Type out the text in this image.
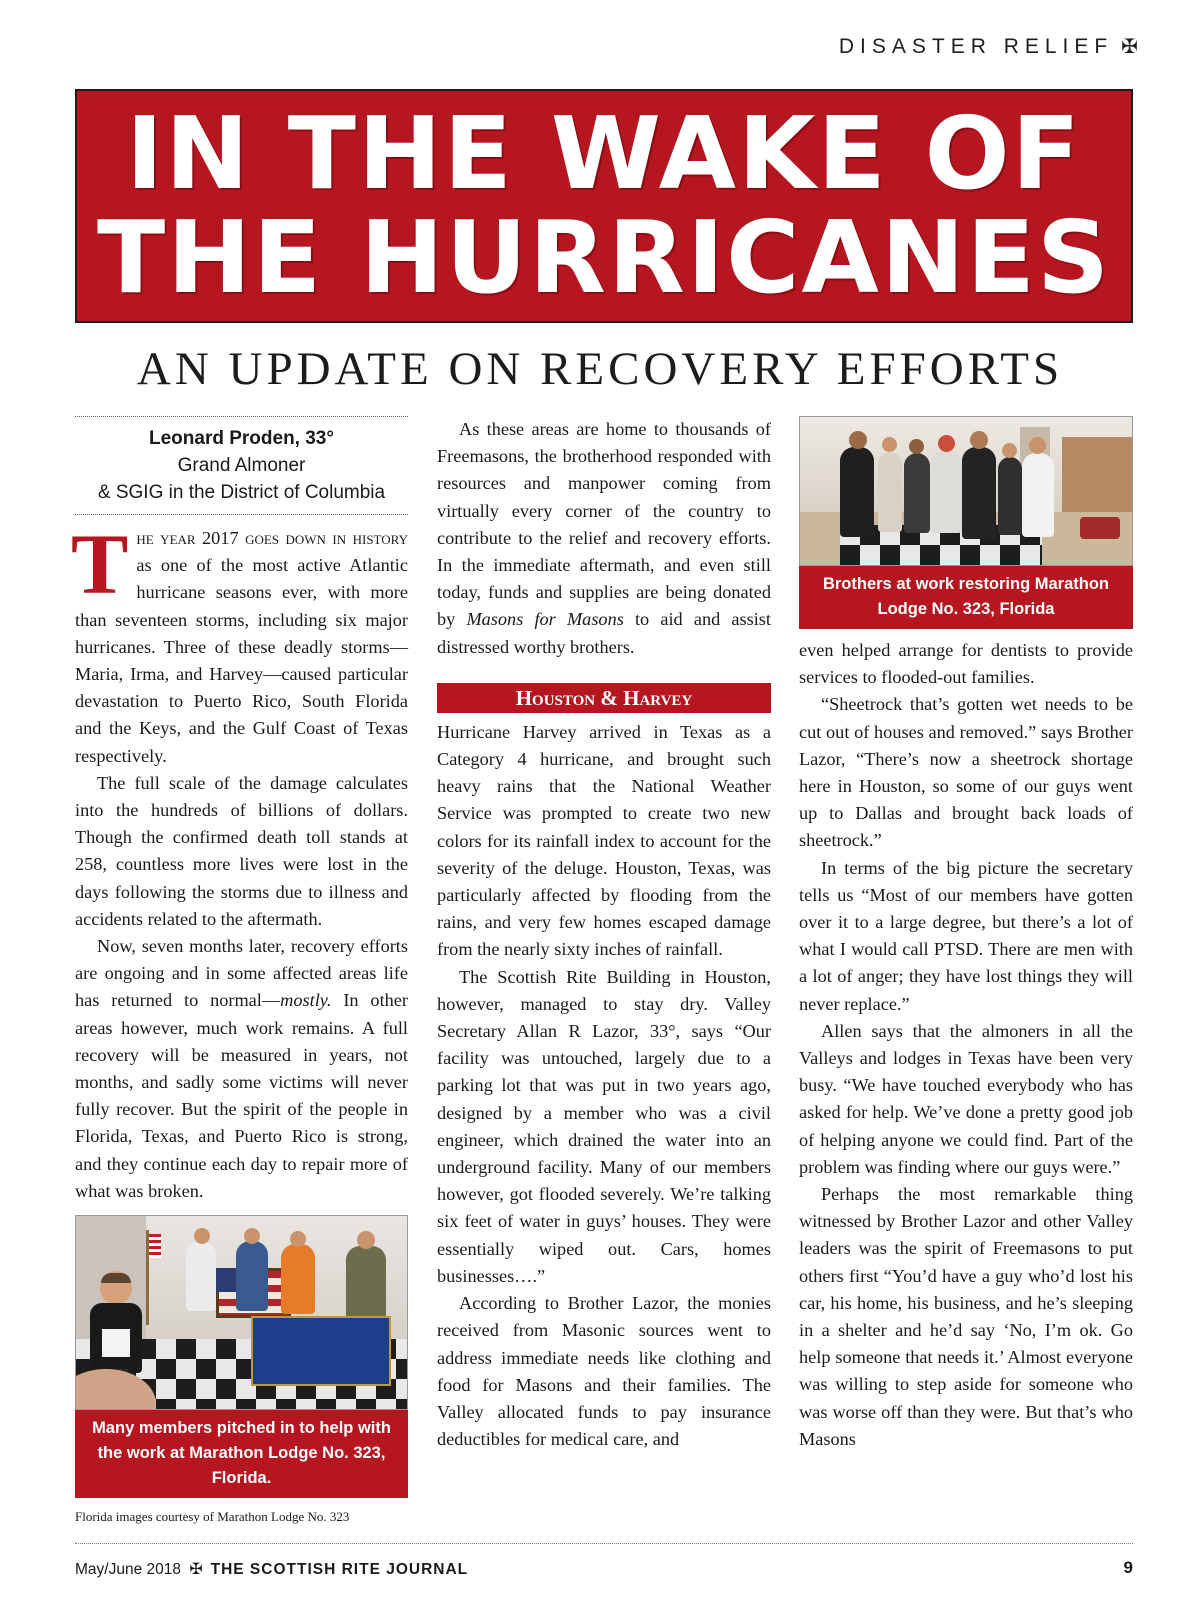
DISASTER RELIEF ✠
IN THE WAKE OF
THE HURRICANES
AN UPDATE ON RECOVERY EFFORTS
Leonard Proden, 33°
Grand Almoner
& SGIG in the District of Columbia

The year 2017 goes down in history as one of the most active Atlantic hurricane seasons ever, with more than seventeen storms, including six major hurricanes. Three of these deadly storms—Maria, Irma, and Harvey—caused particular devastation to Puerto Rico, South Florida and the Keys, and the Gulf Coast of Texas respectively.

The full scale of the damage calculates into the hundreds of billions of dollars. Though the confirmed death toll stands at 258, countless more lives were lost in the days following the storms due to illness and accidents related to the aftermath.

Now, seven months later, recovery efforts are ongoing and in some affected areas life has returned to normal—mostly. In other areas however, much work remains. A full recovery will be measured in years, not months, and sadly some victims will never fully recover. But the spirit of the people in Florida, Texas, and Puerto Rico is strong, and they continue each day to repair more of what was broken.

Many members pitched in to help with the work at Marathon Lodge No. 323, Florida.
Florida images courtesy of Marathon Lodge No. 323

As these areas are home to thousands of Freemasons, the brotherhood responded with resources and manpower coming from virtually every corner of the country to contribute to the relief and recovery efforts. In the immediate aftermath, and even still today, funds and supplies are being donated by Masons for Masons to aid and assist distressed worthy brothers.

Houston & Harvey

Hurricane Harvey arrived in Texas as a Category 4 hurricane, and brought such heavy rains that the National Weather Service was prompted to create two new colors for its rainfall index to account for the severity of the deluge. Houston, Texas, was particularly affected by flooding from the rains, and very few homes escaped damage from the nearly sixty inches of rainfall.

The Scottish Rite Building in Houston, however, managed to stay dry. Valley Secretary Allan R Lazor, 33°, says “Our facility was untouched, largely due to a parking lot that was put in two years ago, designed by a member who was a civil engineer, which drained the water into an underground facility. Many of our members however, got flooded severely. We’re talking six feet of water in guys’ houses. They were essentially wiped out. Cars, homes businesses….”

According to Brother Lazor, the monies received from Masonic sources went to address immediate needs like clothing and food for Masons and their families. The Valley allocated funds to pay insurance deductibles for medical care, and

Brothers at work restoring Marathon Lodge No. 323, Florida

even helped arrange for dentists to provide services to flooded-out families.

“Sheetrock that’s gotten wet needs to be cut out of houses and removed.” says Brother Lazor, “There’s now a sheetrock shortage here in Houston, so some of our guys went up to Dallas and brought back loads of sheetrock.”

In terms of the big picture the secretary tells us “Most of our members have gotten over it to a large degree, but there’s a lot of what I would call PTSD. There are men with a lot of anger; they have lost things they will never replace.”

Allen says that the almoners in all the Valleys and lodges in Texas have been very busy. “We have touched everybody who has asked for help. We’ve done a pretty good job of helping anyone we could find. Part of the problem was finding where our guys were.”

Perhaps the most remarkable thing witnessed by Brother Lazor and other Valley leaders was the spirit of Freemasons to put others first “You’d have a guy who’d lost his car, his home, his business, and he’s sleeping in a shelter and he’d say ‘No, I’m ok. Go help someone that needs it.’ Almost everyone was willing to step aside for someone who was worse off than they were. But that’s who Masons

May/June 2018 ✠ THE SCOTTISH RITE JOURNAL	9
